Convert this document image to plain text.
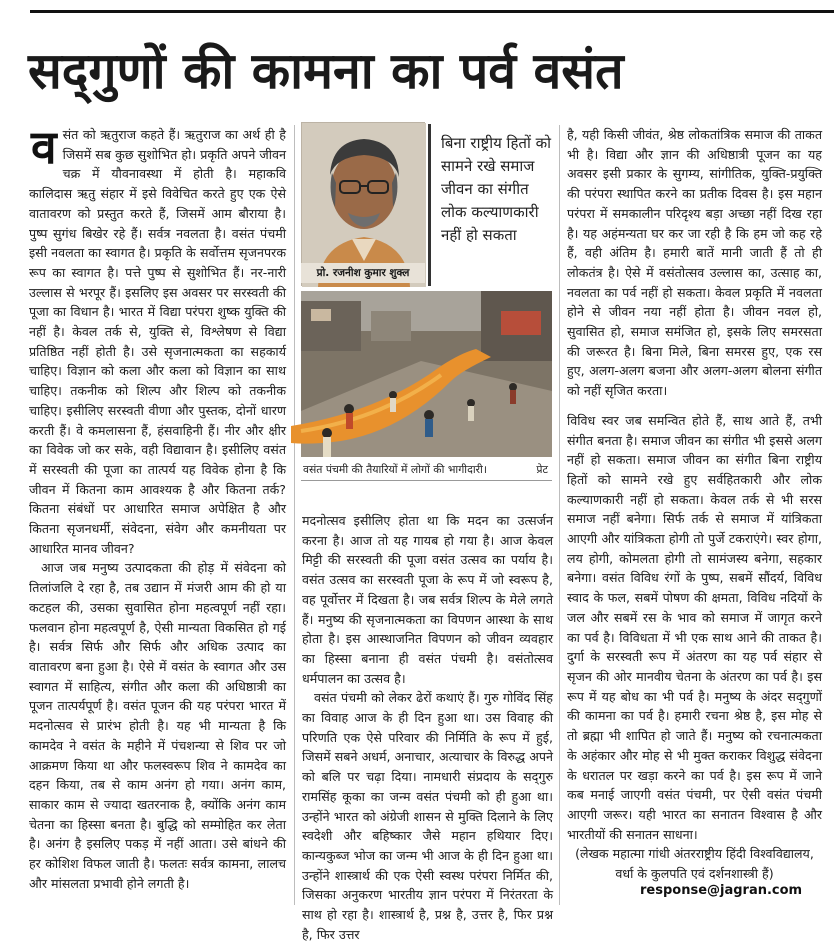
सद्‌गुणों की कामना का पर्व वसंत
व संत को ऋतुराज कहते हैं। ऋतुराज का अर्थ ही है जिसमें सब कुछ सुशोभित हो। प्रकृति अपने जीवन चक्र में यौवनावस्था में होती है। महाकवि कालिदास ऋतु संहार में इसे विवेचित करते हुए एक ऐसे वातावरण को प्रस्तुत करते हैं, जिसमें आम बौराया है। पुष्प सुगंध बिखेर रहे हैं। सर्वत्र नवलता है। वसंत पंचमी इसी नवलता का स्वागत है। प्रकृति के सर्वोत्तम सृजनपरक रूप का स्वागत है। पत्ते पुष्प से सुशोभित हैं। नर-नारी उल्लास से भरपूर हैं। इसलिए इस अवसर पर सरस्वती की पूजा का विधान है। भारत में विद्या परंपरा शुष्क युक्ति की नहीं है। केवल तर्क से, युक्ति से, विश्लेषण से विद्या प्रतिष्ठित नहीं होती है। उसे सृजनात्मकता का सहकार्य चाहिए। विज्ञान को कला और कला को विज्ञान का साथ चाहिए। तकनीक को शिल्प और शिल्प को तकनीक चाहिए। इसीलिए सरस्वती वीणा और पुस्तक, दोनों धारण करती हैं। वे कमलासना हैं, हंसवाहिनी हैं। नीर और क्षीर का विवेक जो कर सके, वही विद्यावान है। इसीलिए वसंत में सरस्वती की पूजा का तात्पर्य यह विवेक होना है कि जीवन में कितना काम आवश्यक है और कितना तर्क? कितना संबंधों पर आधारित समाज अपेक्षित है और कितना सृजनधर्मी, संवेदना, संवेग और कमनीयता पर आधारित मानव जीवन?

आज जब मनुष्य उत्पादकता की होड़ में संवेदना को तिलांजलि दे रहा है, तब उद्यान में मंजरी आम की हो या कटहल की, उसका सुवासित होना महत्वपूर्ण नहीं रहा। फलवान होना महत्वपूर्ण है, ऐसी मान्यता विकसित हो गई है। सर्वत्र सिर्फ और सिर्फ और अधिक उत्पाद का वातावरण बना हुआ है। ऐसे में वसंत के स्वागत और उस स्वागत में साहित्य, संगीत और कला की अधिष्ठात्री का पूजन तात्पर्यपूर्ण है। वसंत पूजन की यह परंपरा भारत में मदनोत्सव से प्रारंभ होती है। यह भी मान्यता है कि कामदेव ने वसंत के महीने में पंचशन्या से शिव पर जो आक्रमण किया था और फलस्वरूप शिव ने कामदेव का दहन किया, तब से काम अनंग हो गया। अनंग काम, साकार काम से ज्यादा खतरनाक है, क्योंकि अनंग काम चेतना का हिस्सा बनता है। बुद्धि को सम्मोहित कर लेता है। अनंग है इसलिए पकड़ में नहीं आता। उसे बांधने की हर कोशिश विफल जाती है। फलतः सर्वत्र कामना, लालच और मांसलता प्रभावी होने लगती है।

प्रो. रजनीश कुमार शुक्ल
बिना राष्ट्रीय हितों को सामने रखे समाज जीवन का संगीत लोक कल्याणकारी नहीं हो सकता
वसंत पंचमी की तैयारियों में लोगों की भागीदारी।	प्रेट

मदनोत्सव इसीलिए होता था कि मदन का उत्सर्जन करना है। आज तो यह गायब हो गया है। आज केवल मिट्टी की सरस्वती की पूजा वसंत उत्सव का पर्याय है। वसंत उत्सव का सरस्वती पूजा के रूप में जो स्वरूप है, वह पूर्वोत्तर में दिखता है। जब सर्वत्र शिल्प के मेले लगते हैं। मनुष्य की सृजनात्मकता का विपणन आस्था के साथ होता है। इस आस्थाजनित विपणन को जीवन व्यवहार का हिस्सा बनाना ही वसंत पंचमी है। वसंतोत्सव धर्मपालन का उत्सव है।

वसंत पंचमी को लेकर ढेरों कथाएं हैं। गुरु गोविंद सिंह का विवाह आज के ही दिन हुआ था। उस विवाह की परिणति एक ऐसे परिवार की निर्मिति के रूप में हुई, जिसमें सबने अधर्म, अनाचार, अत्याचार के विरुद्ध अपने को बलि पर चढ़ा दिया। नामधारी संप्रदाय के सद्‌गुरु रामसिंह कूका का जन्म वसंत पंचमी को ही हुआ था। उन्होंने भारत को अंग्रेजी शासन से मुक्ति दिलाने के लिए स्वदेशी और बहिष्कार जैसे महान हथियार दिए। कान्यकुब्ज भोज का जन्म भी आज के ही दिन हुआ था। उन्होंने शास्त्रार्थ की एक ऐसी स्वस्थ परंपरा निर्मित की, जिसका अनुकरण भारतीय ज्ञान परंपरा में निरंतरता के साथ हो रहा है। शास्त्रार्थ है, प्रश्न है, उत्तर है, फिर प्रश्न है, फिर उत्तर

है, यही किसी जीवंत, श्रेष्ठ लोकतांत्रिक समाज की ताकत भी है। विद्या और ज्ञान की अधिष्ठात्री पूजन का यह अवसर इसी प्रकार के सुगम्य, सांगीतिक, युक्ति-प्रयुक्ति की परंपरा स्थापित करने का प्रतीक दिवस है। इस महान परंपरा में समकालीन परिदृश्य बड़ा अच्छा नहीं दिख रहा है। यह अहंमन्यता घर कर जा रही है कि हम जो कह रहे हैं, वही अंतिम है। हमारी बातें मानी जाती हैं तो ही लोकतंत्र है। ऐसे में वसंतोत्सव उल्लास का, उत्साह का, नवलता का पर्व नहीं हो सकता। केवल प्रकृति में नवलता होने से जीवन नया नहीं होता है। जीवन नवल हो, सुवासित हो, समाज समंजित हो, इसके लिए समरसता की जरूरत है। बिना मिले, बिना समरस हुए, एक रस हुए, अलग-अलग बजना और अलग-अलग बोलना संगीत को नहीं सृजित करता।

विविध स्वर जब समन्वित होते हैं, साथ आते हैं, तभी संगीत बनता है। समाज जीवन का संगीत भी इससे अलग नहीं हो सकता। समाज जीवन का संगीत बिना राष्ट्रीय हितों को सामने रखे हुए सर्वहितकारी और लोक कल्याणकारी नहीं हो सकता। केवल तर्क से भी सरस समाज नहीं बनेगा। सिर्फ तर्क से समाज में यांत्रिकता आएगी और यांत्रिकता होगी तो पुर्जे टकराएंगे। स्वर होगा, लय होगी, कोमलता होगी तो सामंजस्य बनेगा, सहकार बनेगा। वसंत विविध रंगों के पुष्प, सबमें सौंदर्य, विविध स्वाद के फल, सबमें पोषण की क्षमता, विविध नदियों के जल और सबमें रस के भाव को समाज में जागृत करने का पर्व है। विविधता में भी एक साथ आने की ताकत है। दुर्गा के सरस्वती रूप में अंतरण का यह पर्व संहार से सृजन की ओर मानवीय चेतना के अंतरण का पर्व है। इस रूप में यह बोध का भी पर्व है। मनुष्य के अंदर सद्‌गुणों की कामना का पर्व है। हमारी रचना श्रेष्ठ है, इस मोह से तो ब्रह्मा भी शापित हो जाते हैं। मनुष्य को रचनात्मकता के अहंकार और मोह से भी मुक्त कराकर विशुद्ध संवेदना के धरातल पर खड़ा करने का पर्व है। इस रूप में जाने कब मनाई जाएगी वसंत पंचमी, पर ऐसी वसंत पंचमी आएगी जरूर। यही भारत का सनातन विश्वास है और भारतीयों की सनातन साधना।

(लेखक महात्मा गांधी अंतरराष्ट्रीय हिंदी विश्वविद्यालय, वर्धा के कुलपति एवं दर्शनशास्त्री हैं)

response@jagran.com
